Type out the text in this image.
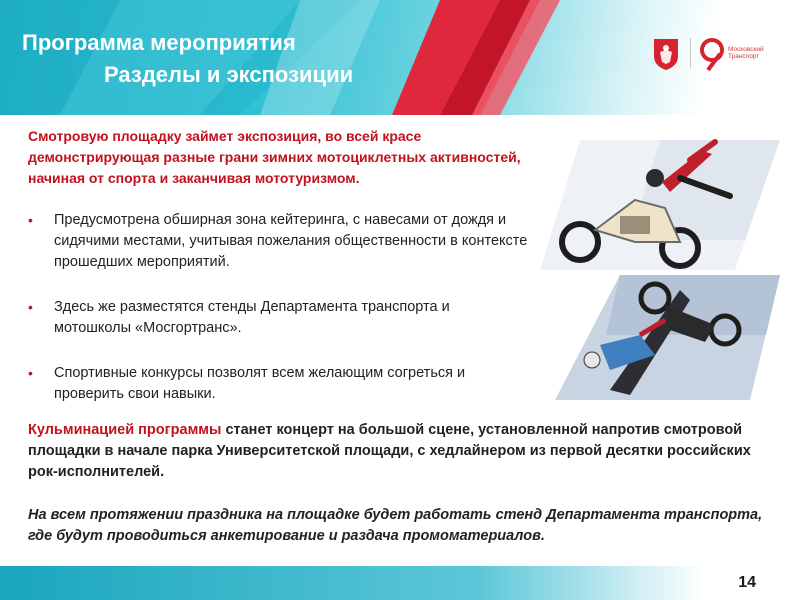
Программа мероприятия
Разделы и экспозиции
Московский
Транспорт

Смотровую площадку займет экспозиция, во всей красе демонстрирующая разные грани зимних мотоциклетных активностей, начиная от спорта и заканчивая мототуризмом.

• Предусмотрена обширная зона кейтеринга, с навесами от дождя и сидячими местами, учитывая пожелания общественности в контексте прошедших мероприятий.
• Здесь же разместятся стенды Департамента транспорта и мотошколы «Мосгортранс».
• Спортивные конкурсы позволят всем желающим согреться и проверить свои навыки.

Кульминацией программы станет концерт на большой сцене, установленной напротив смотровой площадки в начале парка Университетской площади, с хедлайнером из первой десятки российских рок-исполнителей.

На всем протяжении праздника на площадке будет работать стенд Департамента транспорта, где будут проводиться анкетирование и раздача промоматериалов.

14
